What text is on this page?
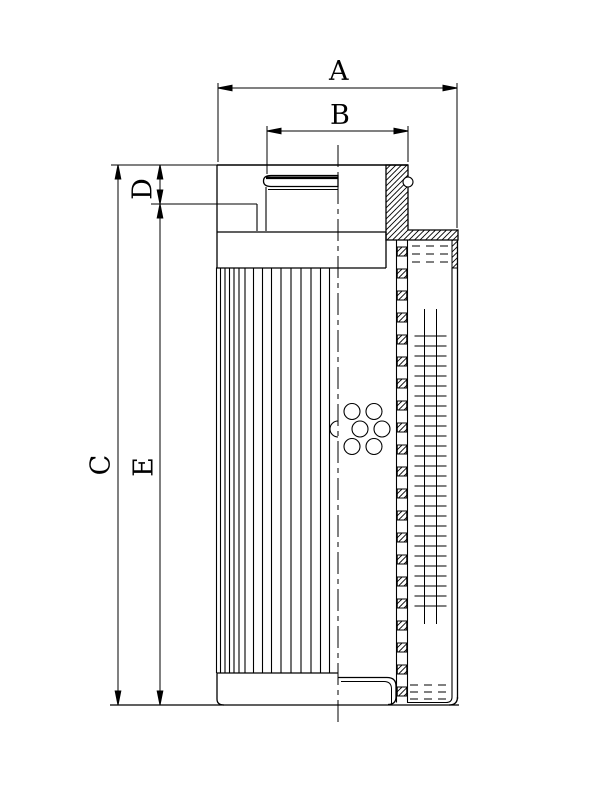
A
B
C
D
E
